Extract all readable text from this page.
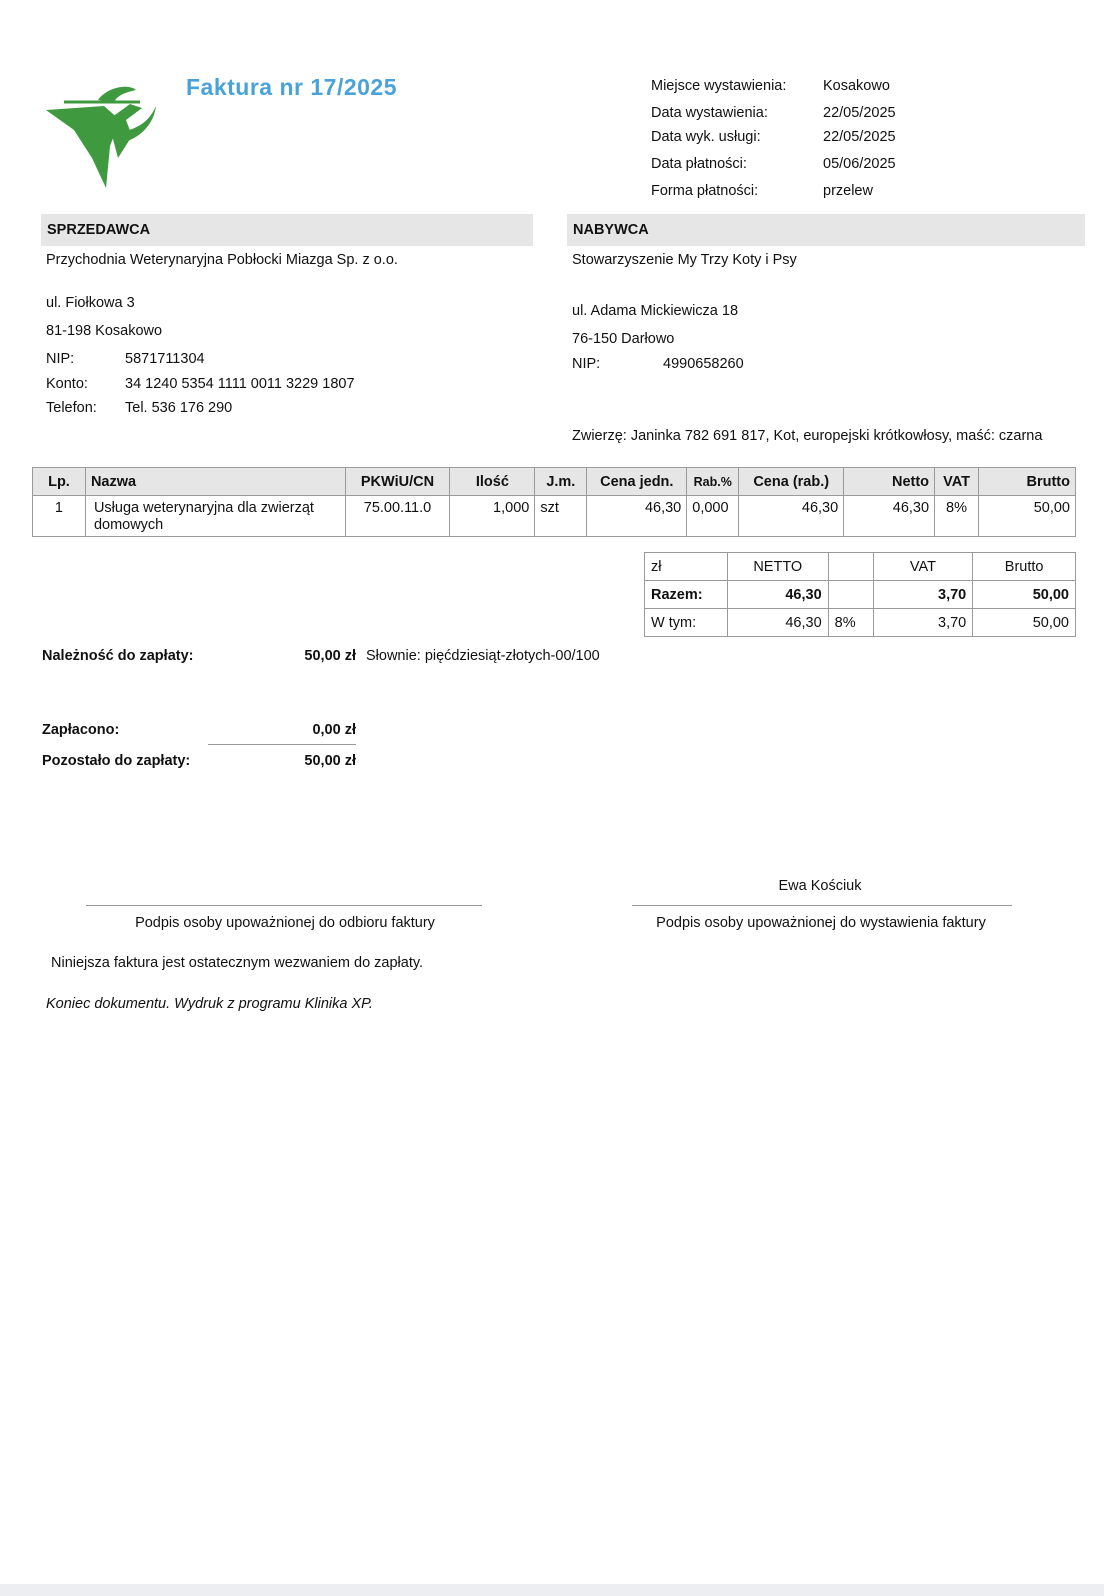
Faktura nr 17/2025	Miejsce wystawienia:	Kosakowo
Data wystawienia:	22/05/2025
Data wyk. usługi:	22/05/2025
Data płatności:	05/06/2025
Forma płatności:	przelew
SPRZEDAWCA
Przychodnia Weterynaryjna Pobłocki Miazga Sp. z o.o.
ul. Fiołkowa 3
81-198 Kosakowo
NIP:	5871711304
Konto:	34 1240 5354 1111 0011 3229 1807
Telefon: Tel. 536 176 290
NABYWCA
Stowarzyszenie My Trzy Koty i Psy
ul. Adama Mickiewicza 18
76-150 Darłowo
NIP:	4990658260
Zwierzę: Janinka 782 691 817, Kot, europejski krótkowłosy, maść: czarna
Lp.	Nazwa	PKWiU/CN	Ilość	J.m.	Cena jedn.	Rab.%	Cena (rab.)	Netto	VAT	Brutto
1	Usługa weterynaryjna dla zwierząt domowych	75.00.11.0	1,000	szt	46,30	0,000	46,30	46,30	8%	50,00
zł	NETTO		VAT	Brutto
Razem:	46,30		3,70	50,00
W tym:	46,30	8%	3,70	50,00
Należność do zapłaty:	50,00 zł Słownie: pięćdziesiąt-złotych-00/100
Zapłacono:	0,00 zł
Pozostało do zapłaty:	50,00 zł
Ewa Kościuk
Podpis osoby upoważnionej do odbioru faktury	Podpis osoby upoważnionej do wystawienia faktury
Niniejsza faktura jest ostatecznym wezwaniem do zapłaty.
Koniec dokumentu. Wydruk z programu Klinika XP.
